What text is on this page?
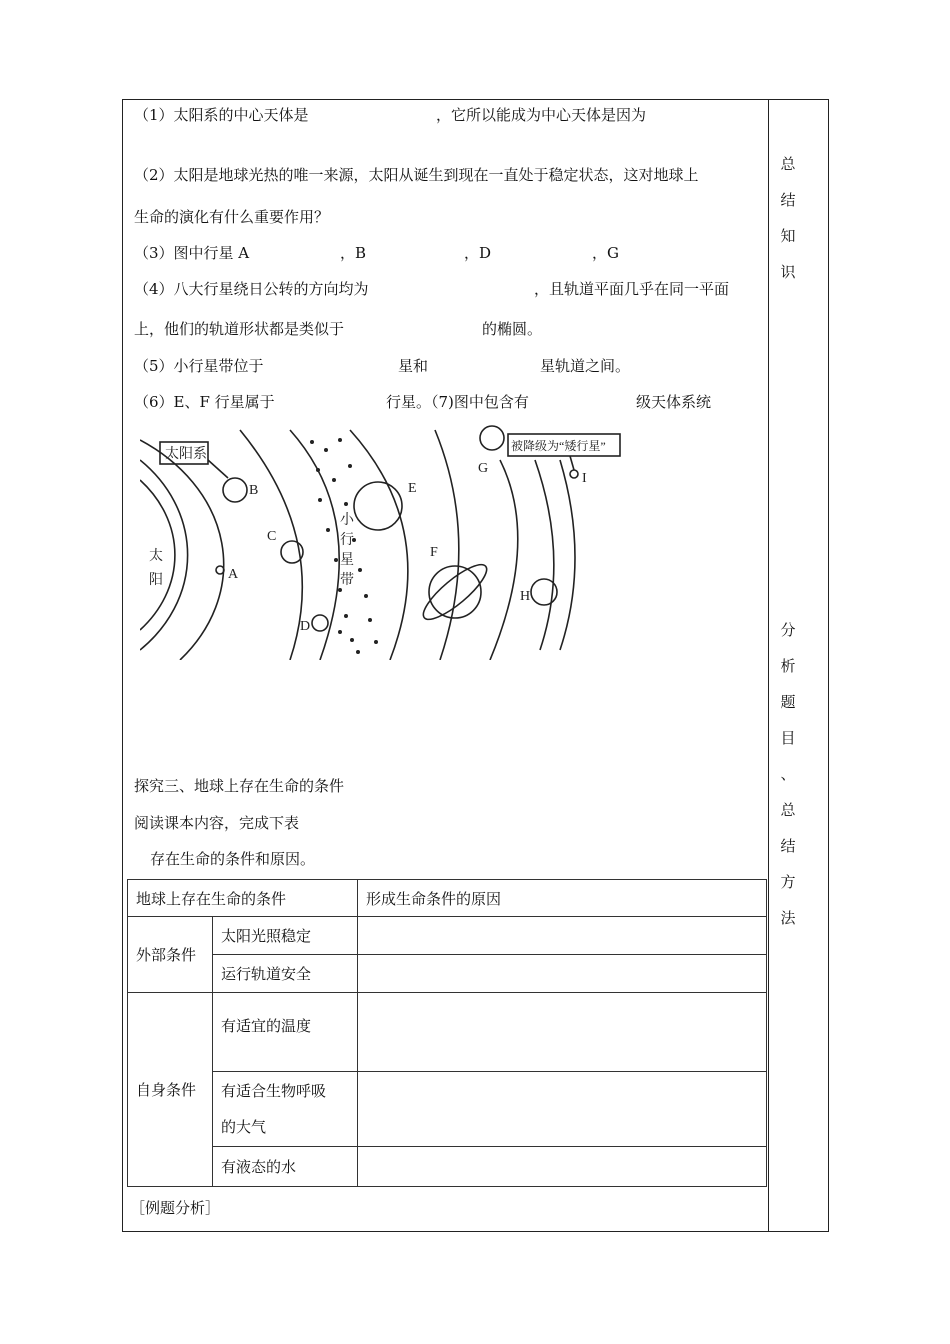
（1）太阳系的中心天体是	，它所以能成为中心天体是因为
（2）太阳是地球光热的唯一来源，太阳从诞生到现在一直处于稳定状态，这对地球上
生命的演化有什么重要作用？
（3）图中行星 A	，B	，D	，G
（4）八大行星绕日公转的方向均为	，且轨道平面几乎在同一平面
上，他们的轨道形状都是类似于	的椭圆。
（5）小行星带位于	星和	星轨道之间。
（6）E、F 行星属于	行星。（7)图中包含有	级天体系统
太阳系
太
阳
小
行
星
带
被降级为“矮行星”
A
B
C
D
E
F
G
H
I
探究三、地球上存在生命的条件
阅读课本内容，完成下表
存在生命的条件和原因。
地球上存在生命的条件		形成生命条件的原因
外部条件	太阳光照稳定	
	运行轨道安全	
自身条件	有适宜的温度	

	有适合生物呼吸
的大气	

	有液态的水	
［例题分析］
总
结
知
识
分
析
题
目
、
总
结
方
法
